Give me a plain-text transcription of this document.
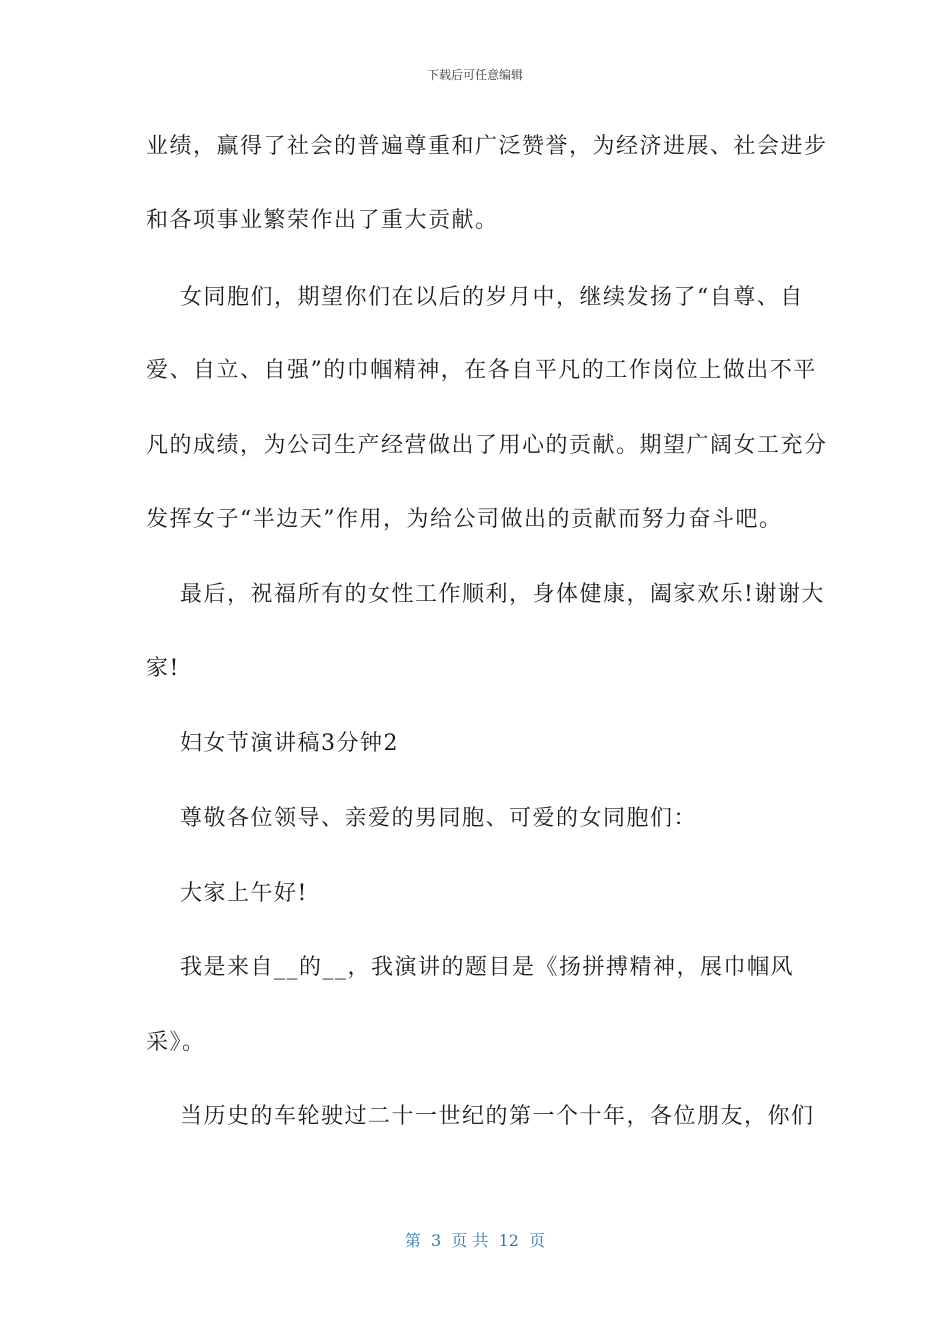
下载后可任意编辑
业绩，赢得了社会的普遍尊重和广泛赞誉，为经济进展、社会进步
和各项事业繁荣作出了重大贡献。
女同胞们，期望你们在以后的岁月中，继续发扬了“自尊、自
爱、自立、自强”的巾帼精神，在各自平凡的工作岗位上做出不平
凡的成绩，为公司生产经营做出了用心的贡献。期望广阔女工充分
发挥女子“半边天”作用，为给公司做出的贡献而努力奋斗吧。
最后，祝福所有的女性工作顺利，身体健康，阖家欢乐!谢谢大
家!
妇女节演讲稿3分钟2
尊敬各位领导、亲爱的男同胞、可爱的女同胞们：
大家上午好!
我是来自__的__，我演讲的题目是《扬拼搏精神，展巾帼风
采》。
当历史的车轮驶过二十一世纪的第一个十年，各位朋友，你们
第  3  页 共  12  页
